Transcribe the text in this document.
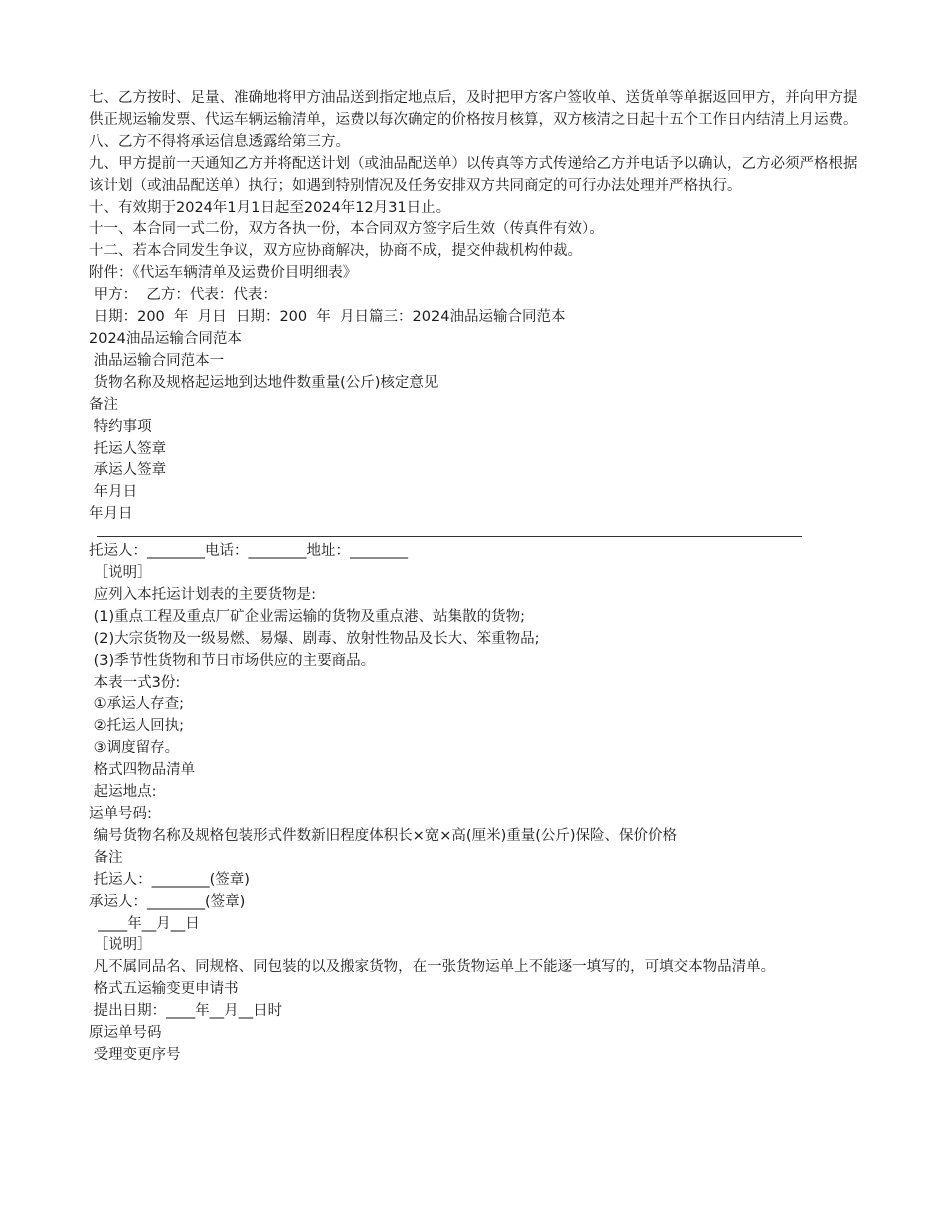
七、乙方按时、足量、准确地将甲方油品送到指定地点后，及时把甲方客户签收单、送货单等单据返回甲方，并向甲方提供正规运输发票、代运车辆运输清单，运费以每次确定的价格按月核算，双方核清之日起十五个工作日内结清上月运费。

八、乙方不得将承运信息透露给第三方。

九、甲方提前一天通知乙方并将配送计划（或油品配送单）以传真等方式传递给乙方并电话予以确认，乙方必须严格根据该计划（或油品配送单）执行；如遇到特别情况及任务安排双方共同商定的可行办法处理并严格执行。

十、有效期于2024年1月1日起至2024年12月31日止。

十一、本合同一式二份，双方各执一份，本合同双方签字后生效（传真件有效）。

十二、若本合同发生争议，双方应协商解决，协商不成，提交仲裁机构仲裁。

附件：《代运车辆清单及运费价目明细表》

甲方：  乙方：代表：代表：

日期：200  年  月日  日期：200  年  月日篇三：2024油品运输合同范本

2024油品运输合同范本

油品运输合同范本一

货物名称及规格起运地到达地件数重量(公斤)核定意见

备注

特约事项

托运人签章

承运人签章

年月日

年月日

托运人：________电话：________地址：________

［说明］

应列入本托运计划表的主要货物是:

(1)重点工程及重点厂矿企业需运输的货物及重点港、站集散的货物;

(2)大宗货物及一级易燃、易爆、剧毒、放射性物品及长大、笨重物品;

(3)季节性货物和节日市场供应的主要商品。

本表一式3份:

①承运人存查;

②托运人回执;

③调度留存。

格式四物品清单

起运地点:

运单号码:

编号货物名称及规格包装形式件数新旧程度体积长×宽×高(厘米)重量(公斤)保险、保价价格

备注

托运人：________(签章)

承运人：________(签章)

____年__月__日

［说明］

凡不属同品名、同规格、同包装的以及搬家货物，在一张货物运单上不能逐一填写的，可填交本物品清单。

格式五运输变更申请书

提出日期：____年__月__日时

原运单号码

受理变更序号
